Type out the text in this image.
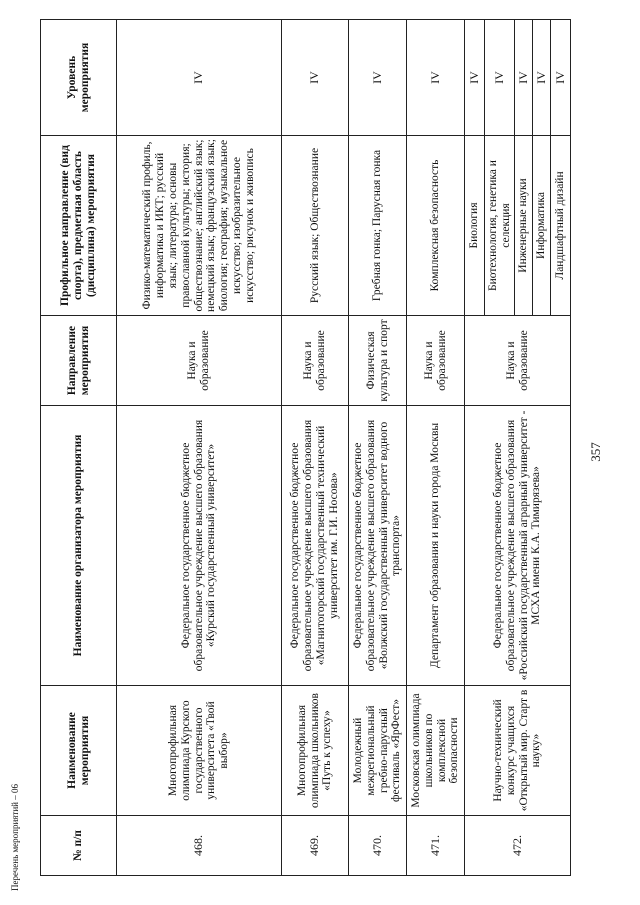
357
Перечень мероприятий – 06	№ п/п	Наименование мероприятия	Наименование организатора мероприятия	Направление мероприятия	Профильное направление (вид спорта), предметная область (дисциплина) мероприятия	Уровень мероприятия
468.	Многопрофильная олимпиада Курского государственного университета «Твой выбор»	Федеральное государственное бюджетное образовательное учреждение высшего образования «Курский государственный университет»	Наука и образование	Физико-математический профиль, информатика и ИКТ; русский язык; литература; основы православной культуры; история; обществознание; английский язык; немецкий язык; французский язык; биология; география; музыкальное искусство; изобразительное искусство; рисунок и живопись	IV
469.	Многопрофильная олимпиада школьников «Путь к успеху»	Федеральное государственное бюджетное образовательное учреждение высшего образования «Магнитогорский государственный технический университет им. Г.И. Носова»	Наука и образование	Русский язык; Обществознание	IV
470.	Молодежный межрегиональный гребно-парусный фестиваль «ЯрФест»	Федеральное государственное бюджетное образовательное учреждение высшего образования «Волжский государственный университет водного транспорта»	Физическая культура и спорт	Гребная гонка; Парусная гонка	IV
471.	Московская олимпиада школьников по комплексной безопасности	Департамент образования и науки города Москвы	Наука и образование	Комплексная безопасность	IV
472.	Научно-технический конкурс учащихся «Открытый мир. Старт в науку»	Федеральное государственное бюджетное образовательное учреждение высшего образования «Российский государственный аграрный университет - МСХА имени К.А. Тимирязева»	Наука и образование	Биология	IV
				Биотехнология, генетика и селекция	IV
				Инженерные науки	IV
				Информатика	IV
				Ландшафтный дизайн	IV
